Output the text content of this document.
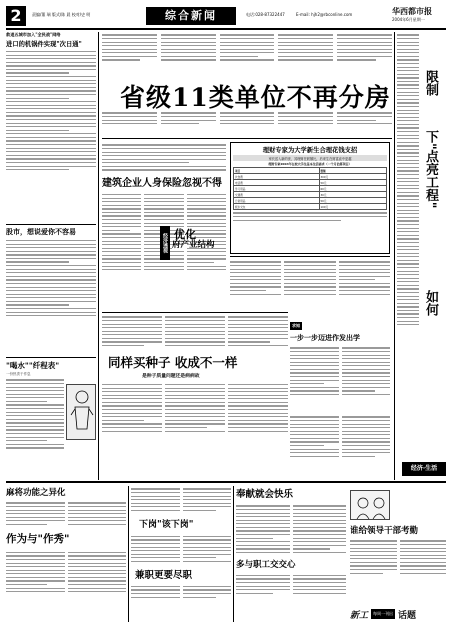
2	责编/董 瑞 版式/陈 晨 校对/史 明	综合新闻	电话:028-87322447	E-mail: hjh2@rbconline.com	华西都市报
2004年6月星期一
救退五城市加入"全民战"网络
进口的机锅件实现"次日通"
股市，想说爱你不容易
"喝水""纤程表"
一份热衷于作息
省级11类单位不再分房 限制
下"点亮工程"
如何
经济·生活
建筑企业人身保险忽视不得
理财专家为大学新生合理花钱支招
家长送入新的世，其理财任跃额比，后来生在财富直中更越
理财专家2004年在校大学生基本生活需求（一个月估算项目）
项目	数额
伙食费	300元
电话费	50元
学习用品	60元
交通费	30元
日常用品	50元
娱乐交友	100元
经济透视 优化
府产业结构
求知
一步一步迈进作发出学
同样买种子 收成不一样
是种子质量问题还是病病故
麻将功能之异化
作为与"作秀"
下岗"该下岗"
兼职更要尽职
奉献就会快乐
多与职工交交心
谁给领导干部考勤
新工	每周一刊出 话题
